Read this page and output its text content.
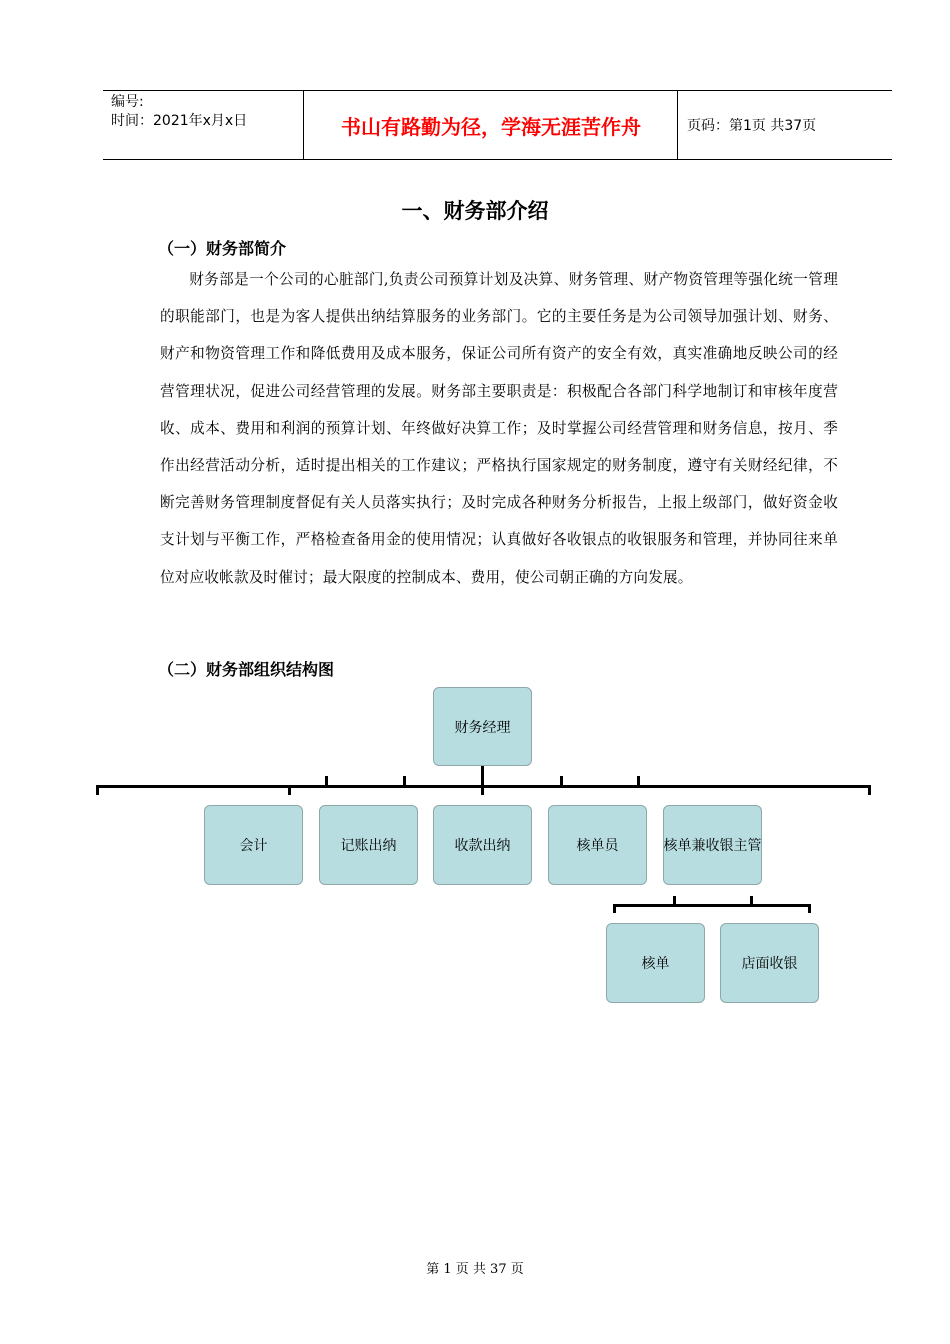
编号:
时间：2021年x月x日	书山有路勤为径，学海无涯苦作舟	页码：第1页 共37页
一、财务部介绍
（一）财务部简介
财务部是一个公司的心脏部门,负责公司预算计划及决算、财务管理、财产物资管理等强化统一管理的职能部门，也是为客人提供出纳结算服务的业务部门。它的主要任务是为公司领导加强计划、财务、财产和物资管理工作和降低费用及成本服务，保证公司所有资产的安全有效，真实准确地反映公司的经营管理状况，促进公司经营管理的发展。财务部主要职责是：积极配合各部门科学地制订和审核年度营收、成本、费用和利润的预算计划、年终做好决算工作；及时掌握公司经营管理和财务信息，按月、季作出经营活动分析，适时提出相关的工作建议；严格执行国家规定的财务制度，遵守有关财经纪律，不断完善财务管理制度督促有关人员落实执行；及时完成各种财务分析报告，上报上级部门，做好资金收支计划与平衡工作，严格检查备用金的使用情况；认真做好各收银点的收银服务和管理，并协同往来单位对应收帐款及时催讨；最大限度的控制成本、费用，使公司朝正确的方向发展。
（二）财务部组织结构图
财务经理
会计	记账出纳	收款出纳	核单员	核单兼收银主管
核单	店面收银
第 1 页 共 37 页
